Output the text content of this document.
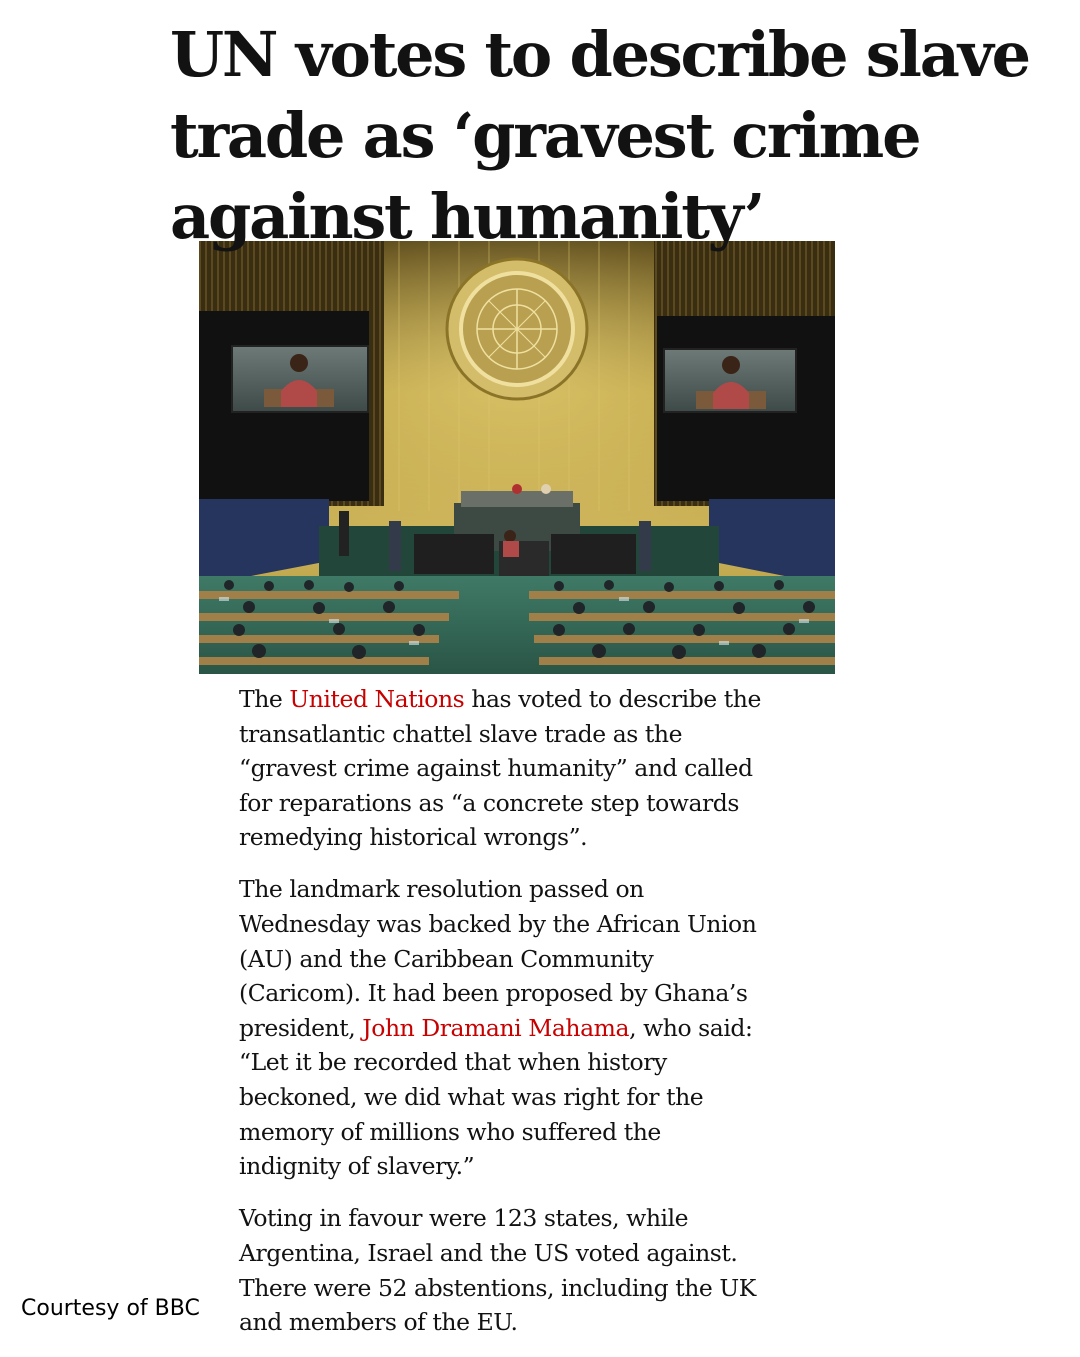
UN votes to describe slave
trade as ‘gravest crime
against humanity’

The United Nations has voted to describe the
transatlantic chattel slave trade as the
“gravest crime against humanity” and called
for reparations as “a concrete step towards
remedying historical wrongs”.

The landmark resolution passed on
Wednesday was backed by the African Union
(AU) and the Caribbean Community
(Caricom). It had been proposed by Ghana’s
president, John Dramani Mahama, who said:
“Let it be recorded that when history
beckoned, we did what was right for the
memory of millions who suffered the
indignity of slavery.”

Voting in favour were 123 states, while
Argentina, Israel and the US voted against.
There were 52 abstentions, including the UK
and members of the EU.

Courtesy of BBC
